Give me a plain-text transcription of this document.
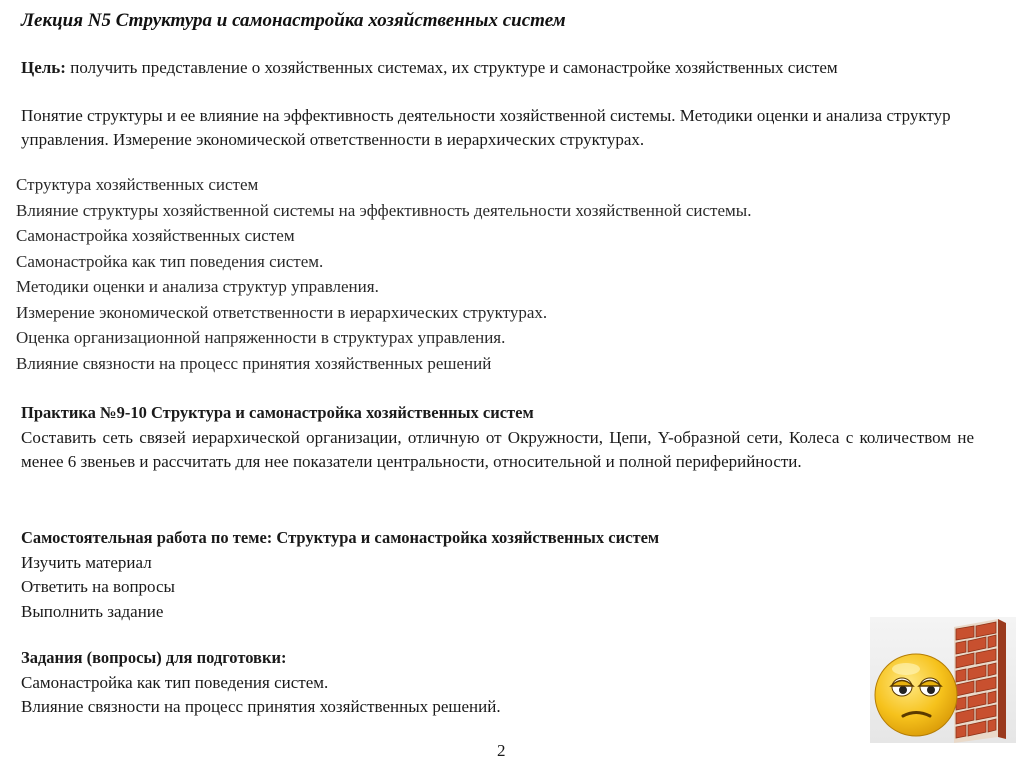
Лекция N5 Структура и самонастройка хозяйственных систем
Цель: получить представление о хозяйственных системах, их структуре и самонастройке хозяйственных систем
Понятие структуры и ее влияние на эффективность деятельности хозяйственной системы. Методики оценки и анализа структур управления. Измерение экономической ответственности в иерархических структурах.
Структура хозяйственных систем
Влияние структуры хозяйственной системы на эффективность деятельности хозяйственной системы.
Самонастройка хозяйственных систем
Самонастройка как тип поведения систем.
Методики оценки и анализа структур управления.
Измерение экономической ответственности в иерархических структурах.
Оценка организационной напряженности в структурах управления.
Влияние связности на процесс принятия хозяйственных решений
Практика №9-10 Структура и самонастройка хозяйственных систем
Составить сеть связей иерархической организации, отличную от Окружности, Цепи, Y-образной сети, Колеса с количеством не менее 6 звеньев и рассчитать для нее показатели центральности, относительной и полной периферийности.
Самостоятельная работа по теме: Структура и самонастройка хозяйственных систем
Изучить материал
Ответить на вопросы
Выполнить задание
Задания (вопросы) для подготовки:
Самонастройка как тип поведения систем.
Влияние связности на процесс принятия хозяйственных решений.
2
